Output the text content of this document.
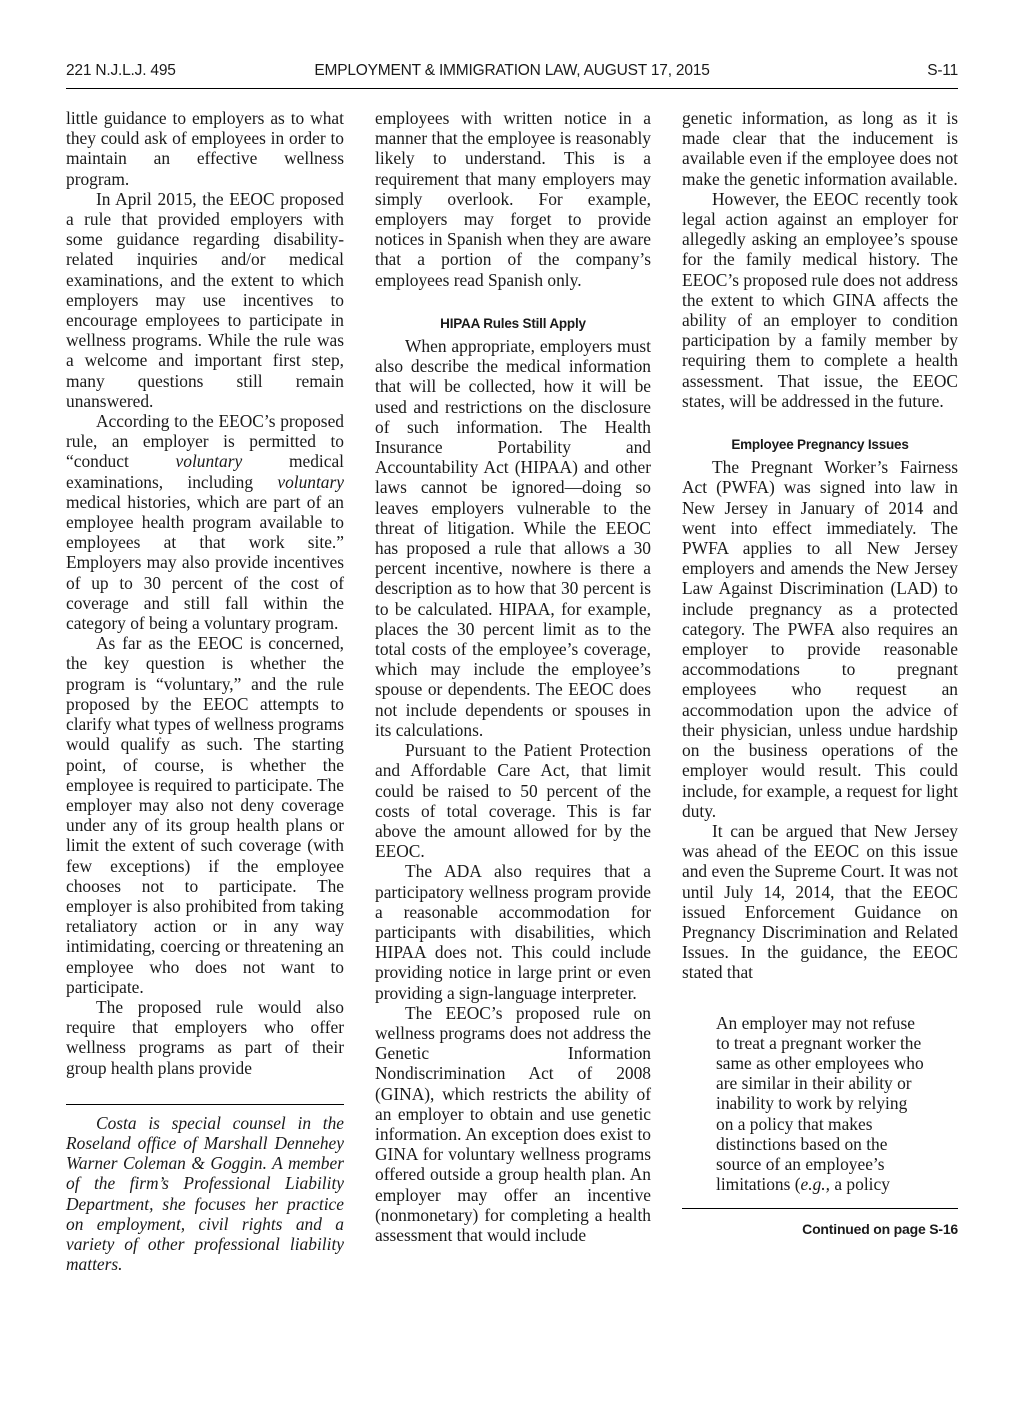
221 N.J.L.J. 495	EMPLOYMENT & IMMIGRATION LAW, AUGUST 17, 2015	S-11

little guidance to employers as to what they could ask of employees in order to maintain an effective wellness program.

In April 2015, the EEOC proposed a rule that provided employers with some guidance regarding disability-related inquiries and/or medical examinations, and the extent to which employers may use incentives to encourage employees to participate in wellness programs. While the rule was a welcome and important first step, many questions still remain unanswered.

According to the EEOC’s proposed rule, an employer is permitted to “conduct voluntary medical examinations, including voluntary medical histories, which are part of an employee health program available to employees at that work site.” Employers may also provide incentives of up to 30 percent of the cost of coverage and still fall within the category of being a voluntary program.

As far as the EEOC is concerned, the key question is whether the program is “voluntary,” and the rule proposed by the EEOC attempts to clarify what types of wellness programs would qualify as such. The starting point, of course, is whether the employee is required to participate. The employer may also not deny coverage under any of its group health plans or limit the extent of such coverage (with few exceptions) if the employee chooses not to participate. The employer is also prohibited from taking retaliatory action or in any way intimidating, coercing or threatening an employee who does not want to participate.

The proposed rule would also require that employers who offer wellness programs as part of their group health plans provide

Costa is special counsel in the Roseland office of Marshall Dennehey Warner Coleman & Goggin. A member of the firm’s Professional Liability Department, she focuses her practice on employment, civil rights and a variety of other professional liability matters.

employees with written notice in a manner that the employee is reasonably likely to understand. This is a requirement that many employers may simply overlook. For example, employers may forget to provide notices in Spanish when they are aware that a portion of the company’s employees read Spanish only.

HIPAA Rules Still Apply

When appropriate, employers must also describe the medical information that will be collected, how it will be used and restrictions on the disclosure of such information. The Health Insurance Portability and Accountability Act (HIPAA) and other laws cannot be ignored—doing so leaves employers vulnerable to the threat of litigation. While the EEOC has proposed a rule that allows a 30 percent incentive, nowhere is there a description as to how that 30 percent is to be calculated. HIPAA, for example, places the 30 percent limit as to the total costs of the employee’s coverage, which may include the employee’s spouse or dependents. The EEOC does not include dependents or spouses in its calculations.

Pursuant to the Patient Protection and Affordable Care Act, that limit could be raised to 50 percent of the costs of total coverage. This is far above the amount allowed for by the EEOC.

The ADA also requires that a participatory wellness program provide a reasonable accommodation for participants with disabilities, which HIPAA does not. This could include providing notice in large print or even providing a sign-language interpreter.

The EEOC’s proposed rule on wellness programs does not address the Genetic Information Nondiscrimination Act of 2008 (GINA), which restricts the ability of an employer to obtain and use genetic information. An exception does exist to GINA for voluntary wellness programs offered outside a group health plan. An employer may offer an incentive (nonmonetary) for completing a health assessment that would include

genetic information, as long as it is made clear that the inducement is available even if the employee does not make the genetic information available.

However, the EEOC recently took legal action against an employer for allegedly asking an employee’s spouse for the family medical history. The EEOC’s proposed rule does not address the extent to which GINA affects the ability of an employer to condition participation by a family member by requiring them to complete a health assessment. That issue, the EEOC states, will be addressed in the future.

Employee Pregnancy Issues

The Pregnant Worker’s Fairness Act (PWFA) was signed into law in New Jersey in January of 2014 and went into effect immediately. The PWFA applies to all New Jersey employers and amends the New Jersey Law Against Discrimination (LAD) to include pregnancy as a protected category. The PWFA also requires an employer to provide reasonable accommodations to pregnant employees who request an accommodation upon the advice of their physician, unless undue hardship on the business operations of the employer would result. This could include, for example, a request for light duty.

It can be argued that New Jersey was ahead of the EEOC on this issue and even the Supreme Court. It was not until July 14, 2014, that the EEOC issued Enforcement Guidance on Pregnancy Discrimination and Related Issues. In the guidance, the EEOC stated that

An employer may not refuse to treat a pregnant worker the same as other employees who are similar in their ability or inability to work by relying on a policy that makes distinctions based on the source of an employee’s limitations (e.g., a policy

Continued on page S-16
